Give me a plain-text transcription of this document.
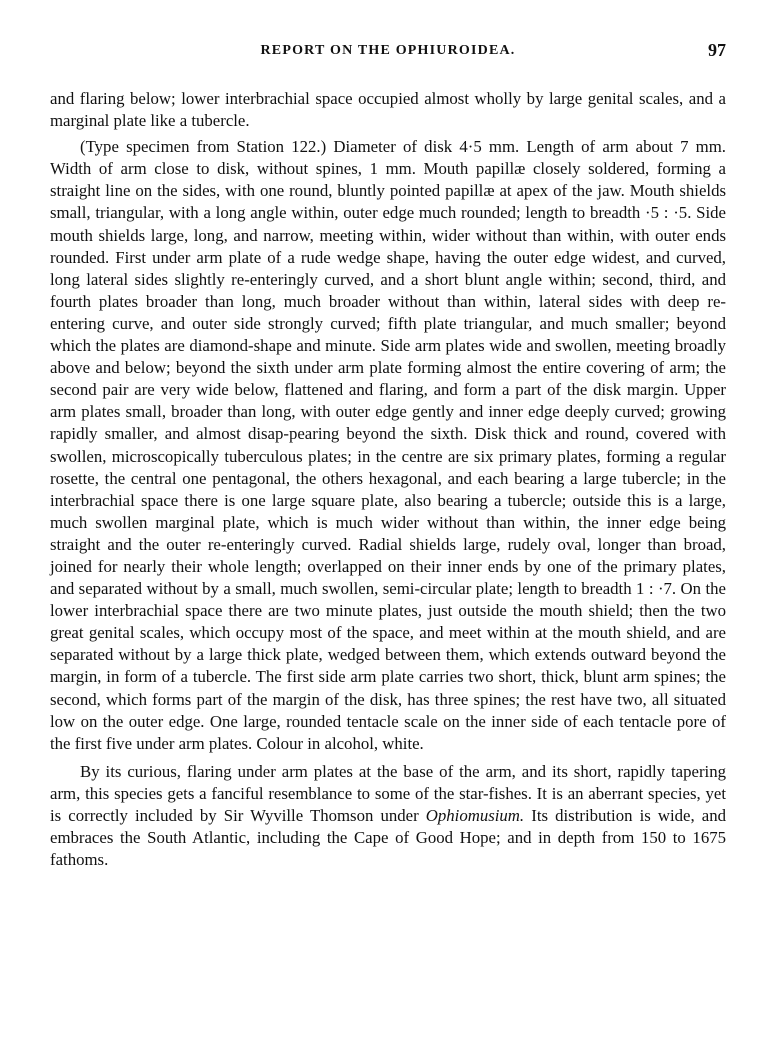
REPORT ON THE OPHIUROIDEA.	97

and flaring below; lower interbrachial space occupied almost wholly by large genital scales, and a marginal plate like a tubercle.

(Type specimen from Station 122.) Diameter of disk 4·5 mm. Length of arm about 7 mm. Width of arm close to disk, without spines, 1 mm. Mouth papillæ closely soldered, forming a straight line on the sides, with one round, bluntly pointed papillæ at apex of the jaw. Mouth shields small, triangular, with a long angle within, outer edge much rounded; length to breadth ·5 : ·5. Side mouth shields large, long, and narrow, meeting within, wider without than within, with outer ends rounded. First under arm plate of a rude wedge shape, having the outer edge widest, and curved, long lateral sides slightly re-enteringly curved, and a short blunt angle within; second, third, and fourth plates broader than long, much broader without than within, lateral sides with deep re-entering curve, and outer side strongly curved; fifth plate triangular, and much smaller; beyond which the plates are diamond-shape and minute. Side arm plates wide and swollen, meeting broadly above and below; beyond the sixth under arm plate forming almost the entire covering of arm; the second pair are very wide below, flattened and flaring, and form a part of the disk margin. Upper arm plates small, broader than long, with outer edge gently and inner edge deeply curved; growing rapidly smaller, and almost disap-pearing beyond the sixth. Disk thick and round, covered with swollen, microscopically tuberculous plates; in the centre are six primary plates, forming a regular rosette, the central one pentagonal, the others hexagonal, and each bearing a large tubercle; in the interbrachial space there is one large square plate, also bearing a tubercle; outside this is a large, much swollen marginal plate, which is much wider without than within, the inner edge being straight and the outer re-enteringly curved. Radial shields large, rudely oval, longer than broad, joined for nearly their whole length; overlapped on their inner ends by one of the primary plates, and separated without by a small, much swollen, semi-circular plate; length to breadth 1 : ·7. On the lower interbrachial space there are two minute plates, just outside the mouth shield; then the two great genital scales, which occupy most of the space, and meet within at the mouth shield, and are separated without by a large thick plate, wedged between them, which extends outward beyond the margin, in form of a tubercle. The first side arm plate carries two short, thick, blunt arm spines; the second, which forms part of the margin of the disk, has three spines; the rest have two, all situated low on the outer edge. One large, rounded tentacle scale on the inner side of each tentacle pore of the first five under arm plates. Colour in alcohol, white.

By its curious, flaring under arm plates at the base of the arm, and its short, rapidly tapering arm, this species gets a fanciful resemblance to some of the star-fishes. It is an aberrant species, yet is correctly included by Sir Wyville Thomson under Ophiomusium. Its distribution is wide, and embraces the South Atlantic, including the Cape of Good Hope; and in depth from 150 to 1675 fathoms.
